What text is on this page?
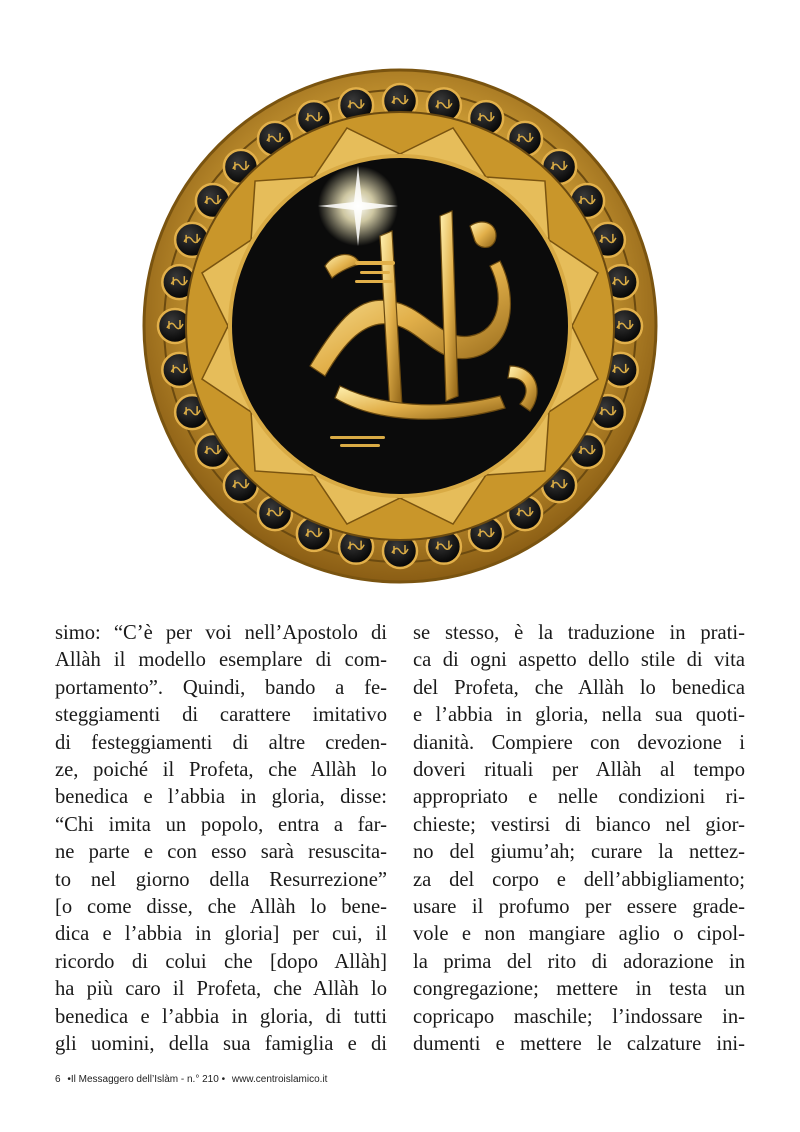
simo: “C’è per voi nell’Apostolo di
Allàh il modello esemplare di com-
portamento”. Quindi, bando a fe-
steggiamenti di carattere imitativo
di festeggiamenti di altre creden-
ze, poiché il Profeta, che Allàh lo
benedica e l’abbia in gloria, disse:
“Chi imita un popolo, entra a far-
ne parte e con esso sarà resuscita-
to nel giorno della Resurrezione”
[o come disse, che Allàh lo bene-
dica e l’abbia in gloria] per cui, il
ricordo di colui che [dopo Allàh]
ha più caro il Profeta, che Allàh lo
benedica e l’abbia in gloria, di tutti
gli uomini, della sua famiglia e di
se stesso, è la traduzione in prati-
ca di ogni aspetto dello stile di vita
del Profeta, che Allàh lo benedica
e l’abbia in gloria, nella sua quoti-
dianità. Compiere con devozione i
doveri rituali per Allàh al tempo
appropriato e nelle condizioni ri-
chieste; vestirsi di bianco nel gior-
no del giumu’ah; curare la nettez-
za del corpo e dell’abbigliamento;
usare il profumo per essere grade-
vole e non mangiare aglio o cipol-
la prima del rito di adorazione in
congregazione; mettere in testa un
copricapo maschile; l’indossare in-
dumenti e mettere le calzature ini-
6 •Il Messaggero dell’Islàm - n.° 210 • www.centroislamico.it
